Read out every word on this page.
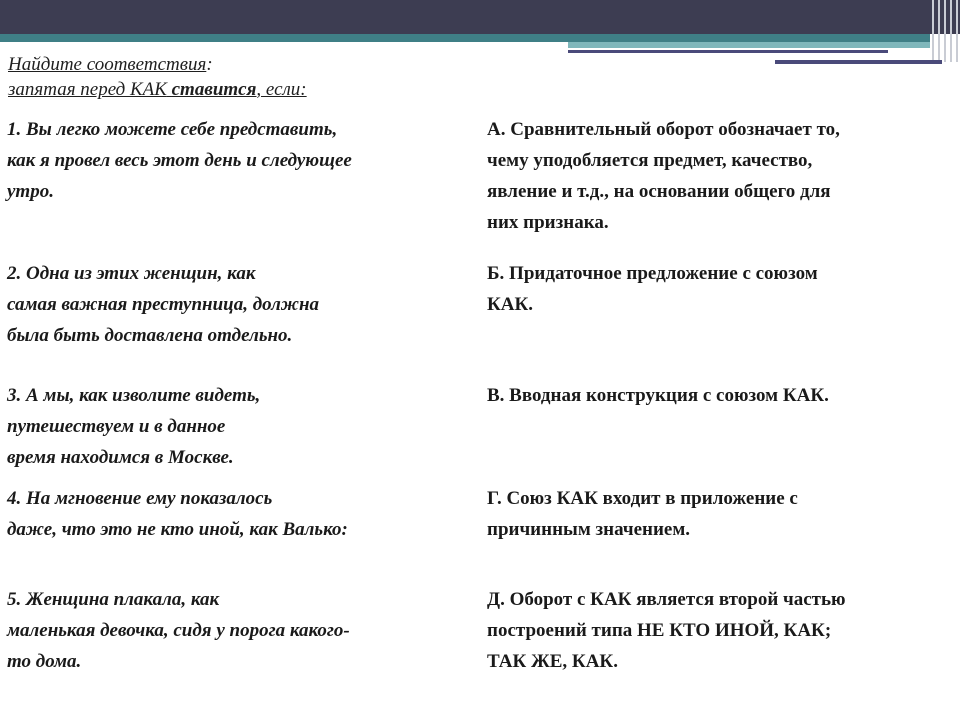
Найдите соответствия:
запятая перед КАК ставится, если:
1. Вы легко можете себе представить,
как я провел весь этот день и следующее
утро.
А. Сравнительный оборот обозначает то,
чему уподобляется предмет, качество,
явление и т.д., на основании общего для
них признака.
2. Одна из этих женщин, как
самая важная преступница, должна
была быть доставлена отдельно.
Б. Придаточное предложение с союзом
КАК.
3. А мы, как изволите видеть,
путешествуем и в данное
время находимся в Москве.
В. Вводная конструкция с союзом КАК.
4. На мгновение ему показалось
даже, что это не кто иной, как Валько:
Г. Союз КАК входит в приложение с
причинным значением.
5. Женщина плакала, как
маленькая девочка, сидя у порога какого-
то дома.
Д. Оборот с КАК является второй частью
построений типа НЕ КТО ИНОЙ, КАК;
ТАК ЖЕ, КАК.
